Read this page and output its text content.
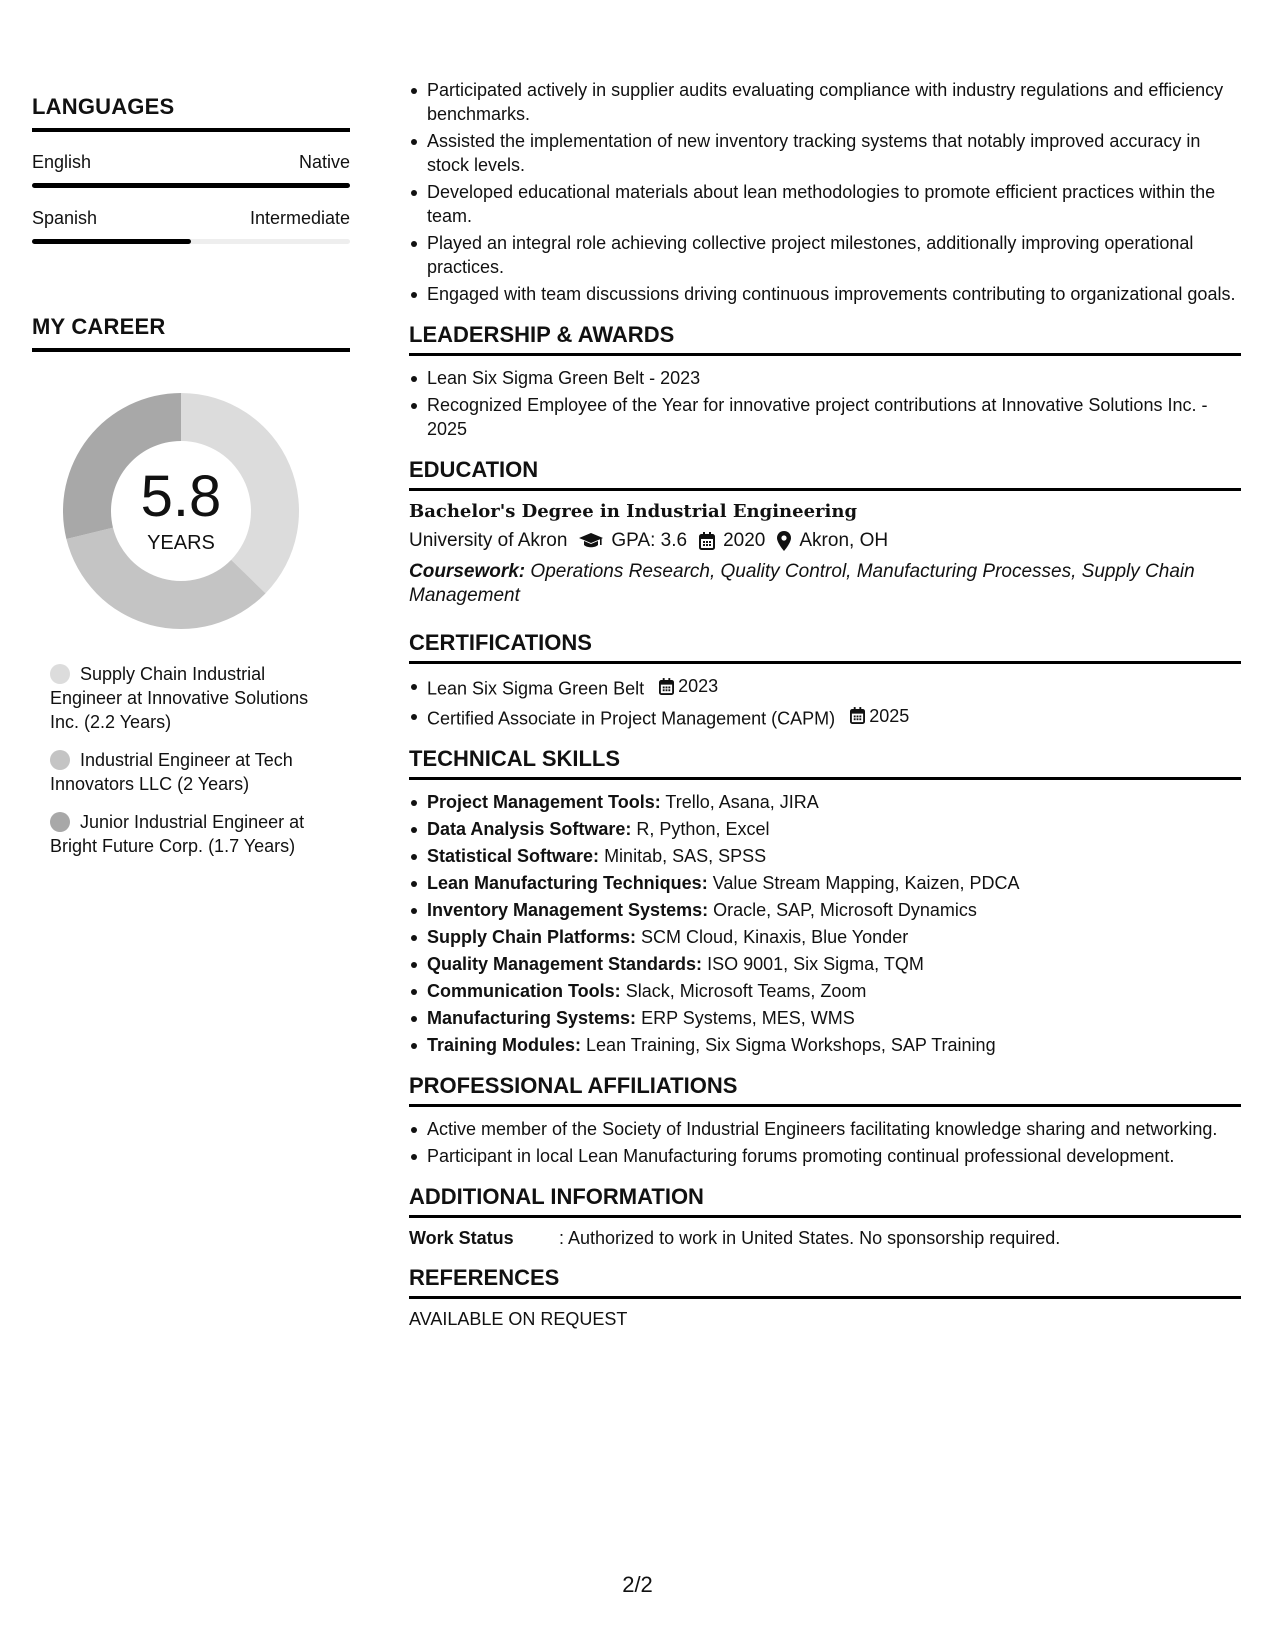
LANGUAGES
English	Native
Spanish	Intermediate
MY CAREER
5.8
YEARS
Supply Chain Industrial Engineer at Innovative Solutions Inc. (2.2 Years)
Industrial Engineer at Tech Innovators LLC (2 Years)
Junior Industrial Engineer at Bright Future Corp. (1.7 Years)
Participated actively in supplier audits evaluating compliance with industry regulations and efficiency benchmarks.
Assisted the implementation of new inventory tracking systems that notably improved accuracy in stock levels.
Developed educational materials about lean methodologies to promote efficient practices within the team.
Played an integral role achieving collective project milestones, additionally improving operational practices.
Engaged with team discussions driving continuous improvements contributing to organizational goals.
LEADERSHIP & AWARDS
Lean Six Sigma Green Belt - 2023
Recognized Employee of the Year for innovative project contributions at Innovative Solutions Inc. - 2025
EDUCATION
Bachelor's Degree in Industrial Engineering
University of Akron GPA: 3.6 2020 Akron, OH
Coursework: Operations Research, Quality Control, Manufacturing Processes, Supply Chain Management
CERTIFICATIONS
Lean Six Sigma Green Belt 2023
Certified Associate in Project Management (CAPM) 2025
TECHNICAL SKILLS
Project Management Tools: Trello, Asana, JIRA
Data Analysis Software: R, Python, Excel
Statistical Software: Minitab, SAS, SPSS
Lean Manufacturing Techniques: Value Stream Mapping, Kaizen, PDCA
Inventory Management Systems: Oracle, SAP, Microsoft Dynamics
Supply Chain Platforms: SCM Cloud, Kinaxis, Blue Yonder
Quality Management Standards: ISO 9001, Six Sigma, TQM
Communication Tools: Slack, Microsoft Teams, Zoom
Manufacturing Systems: ERP Systems, MES, WMS
Training Modules: Lean Training, Six Sigma Workshops, SAP Training
PROFESSIONAL AFFILIATIONS
Active member of the Society of Industrial Engineers facilitating knowledge sharing and networking.
Participant in local Lean Manufacturing forums promoting continual professional development.
ADDITIONAL INFORMATION
Work Status	: Authorized to work in United States. No sponsorship required.
REFERENCES
AVAILABLE ON REQUEST
2/2
